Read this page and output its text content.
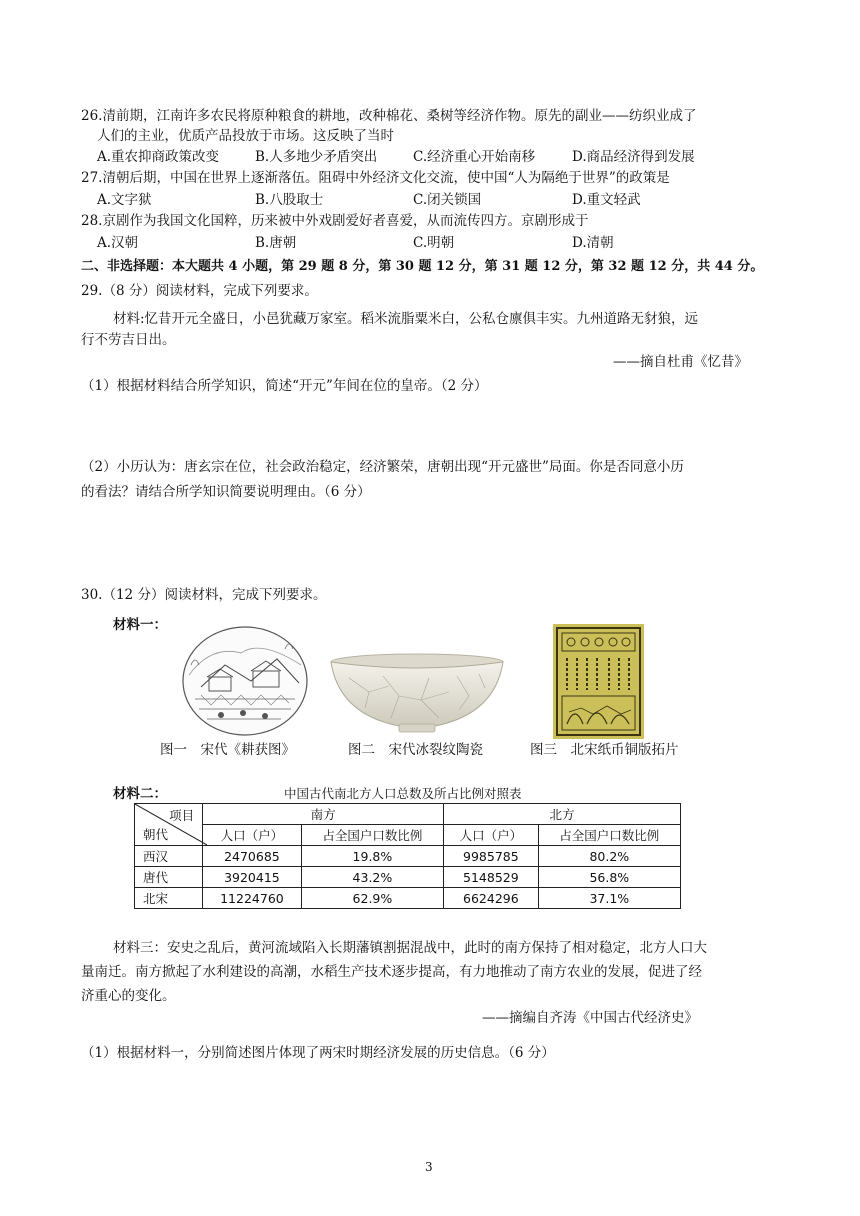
26.清前期，江南许多农民将原种粮食的耕地，改种棉花、桑树等经济作物。原先的副业——纺织业成了
人们的主业，优质产品投放于市场。这反映了当时
A.重农抑商政策改变	B.人多地少矛盾突出	C.经济重心开始南移	D.商品经济得到发展
27.清朝后期，中国在世界上逐渐落伍。阻碍中外经济文化交流，使中国“人为隔绝于世界”的政策是
A.文字狱	B.八股取士	C.闭关锁国	D.重文轻武
28.京剧作为我国文化国粹，历来被中外戏剧爱好者喜爱，从而流传四方。京剧形成于
A.汉朝	B.唐朝	C.明朝	D.清朝
二、非选择题：本大题共 4 小题，第 29 题 8 分，第 30 题 12 分，第 31 题 12 分，第 32 题 12 分，共 44 分。
29.（8 分）阅读材料，完成下列要求。
材料:忆昔开元全盛日，小邑犹藏万家室。稻米流脂粟米白，公私仓廪俱丰实。九州道路无豺狼，远
行不劳吉日出。
——摘自杜甫《忆昔》
（1）根据材料结合所学知识，简述“开元”年间在位的皇帝。（2 分）
（2）小历认为：唐玄宗在位，社会政治稳定，经济繁荣，唐朝出现“开元盛世”局面。你是否同意小历
的看法？请结合所学知识简要说明理由。（6 分）
30.（12 分）阅读材料，完成下列要求。
材料一：
图一　宋代《耕获图》	图二　宋代冰裂纹陶瓷	图三　北宋纸币铜版拓片
材料二：	中国古代南北方人口总数及所占比例对照表
项目
朝代	南方		北方	
	人口（户）	占全国户口数比例	人口（户）	占全国户口数比例
西汉	2470685	19.8%	9985785	80.2%
唐代	3920415	43.2%	5148529	56.8%
北宋	11224760	62.9%	6624296	37.1%
材料三：安史之乱后，黄河流域陷入长期藩镇割据混战中，此时的南方保持了相对稳定，北方人口大
量南迁。南方掀起了水利建设的高潮，水稻生产技术逐步提高，有力地推动了南方农业的发展，促进了经
济重心的变化。
——摘编自齐涛《中国古代经济史》
（1）根据材料一，分别简述图片体现了两宋时期经济发展的历史信息。（6 分）
3
